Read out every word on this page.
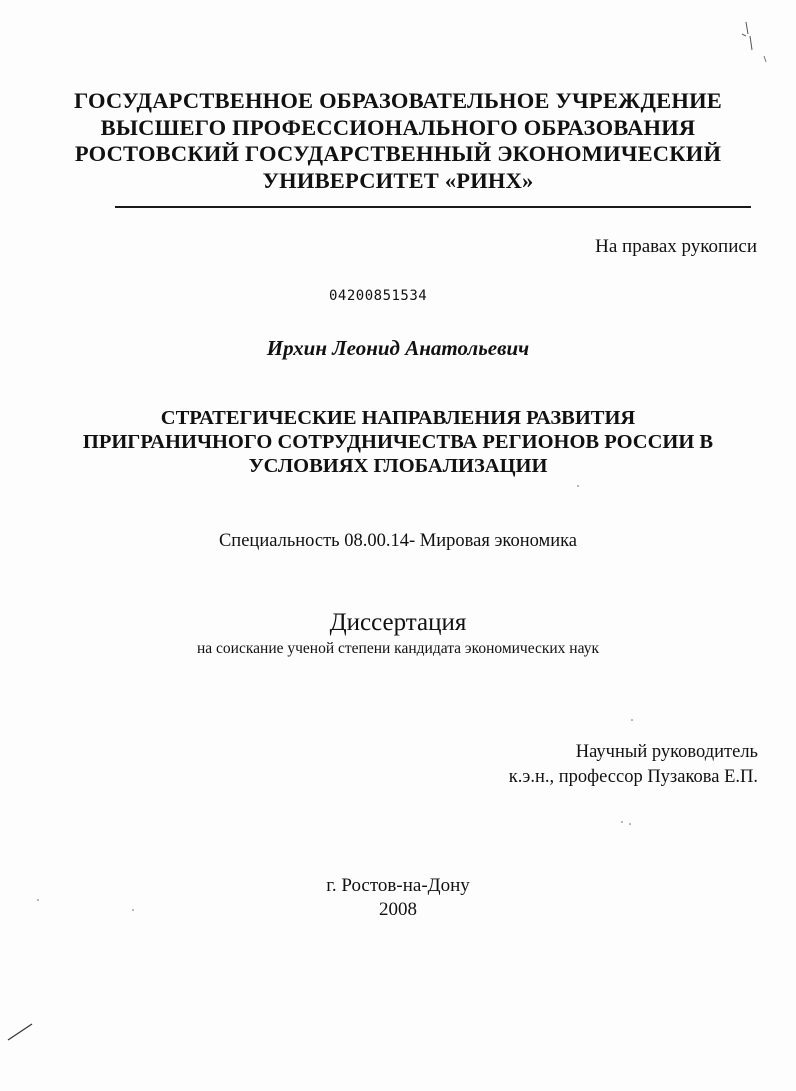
ГОСУДАРСТВЕННОЕ ОБРАЗОВАТЕЛЬНОЕ УЧРЕЖДЕНИЕ
ВЫСШЕГО ПРОФЕССИОНАЛЬНОГО ОБРАЗОВАНИЯ
РОСТОВСКИЙ ГОСУДАРСТВЕННЫЙ ЭКОНОМИЧЕСКИЙ
УНИВЕРСИТЕТ «РИНХ»
На правах рукописи
04200851534
Ирхин Леонид Анатольевич
СТРАТЕГИЧЕСКИЕ НАПРАВЛЕНИЯ РАЗВИТИЯ
ПРИГРАНИЧНОГО СОТРУДНИЧЕСТВА РЕГИОНОВ РОССИИ В
УСЛОВИЯХ ГЛОБАЛИЗАЦИИ
Специальность 08.00.14- Мировая экономика
Диссертация
на соискание ученой степени кандидата экономических наук
Научный руководитель
к.э.н., профессор Пузакова Е.П.
г. Ростов-на-Дону
2008
